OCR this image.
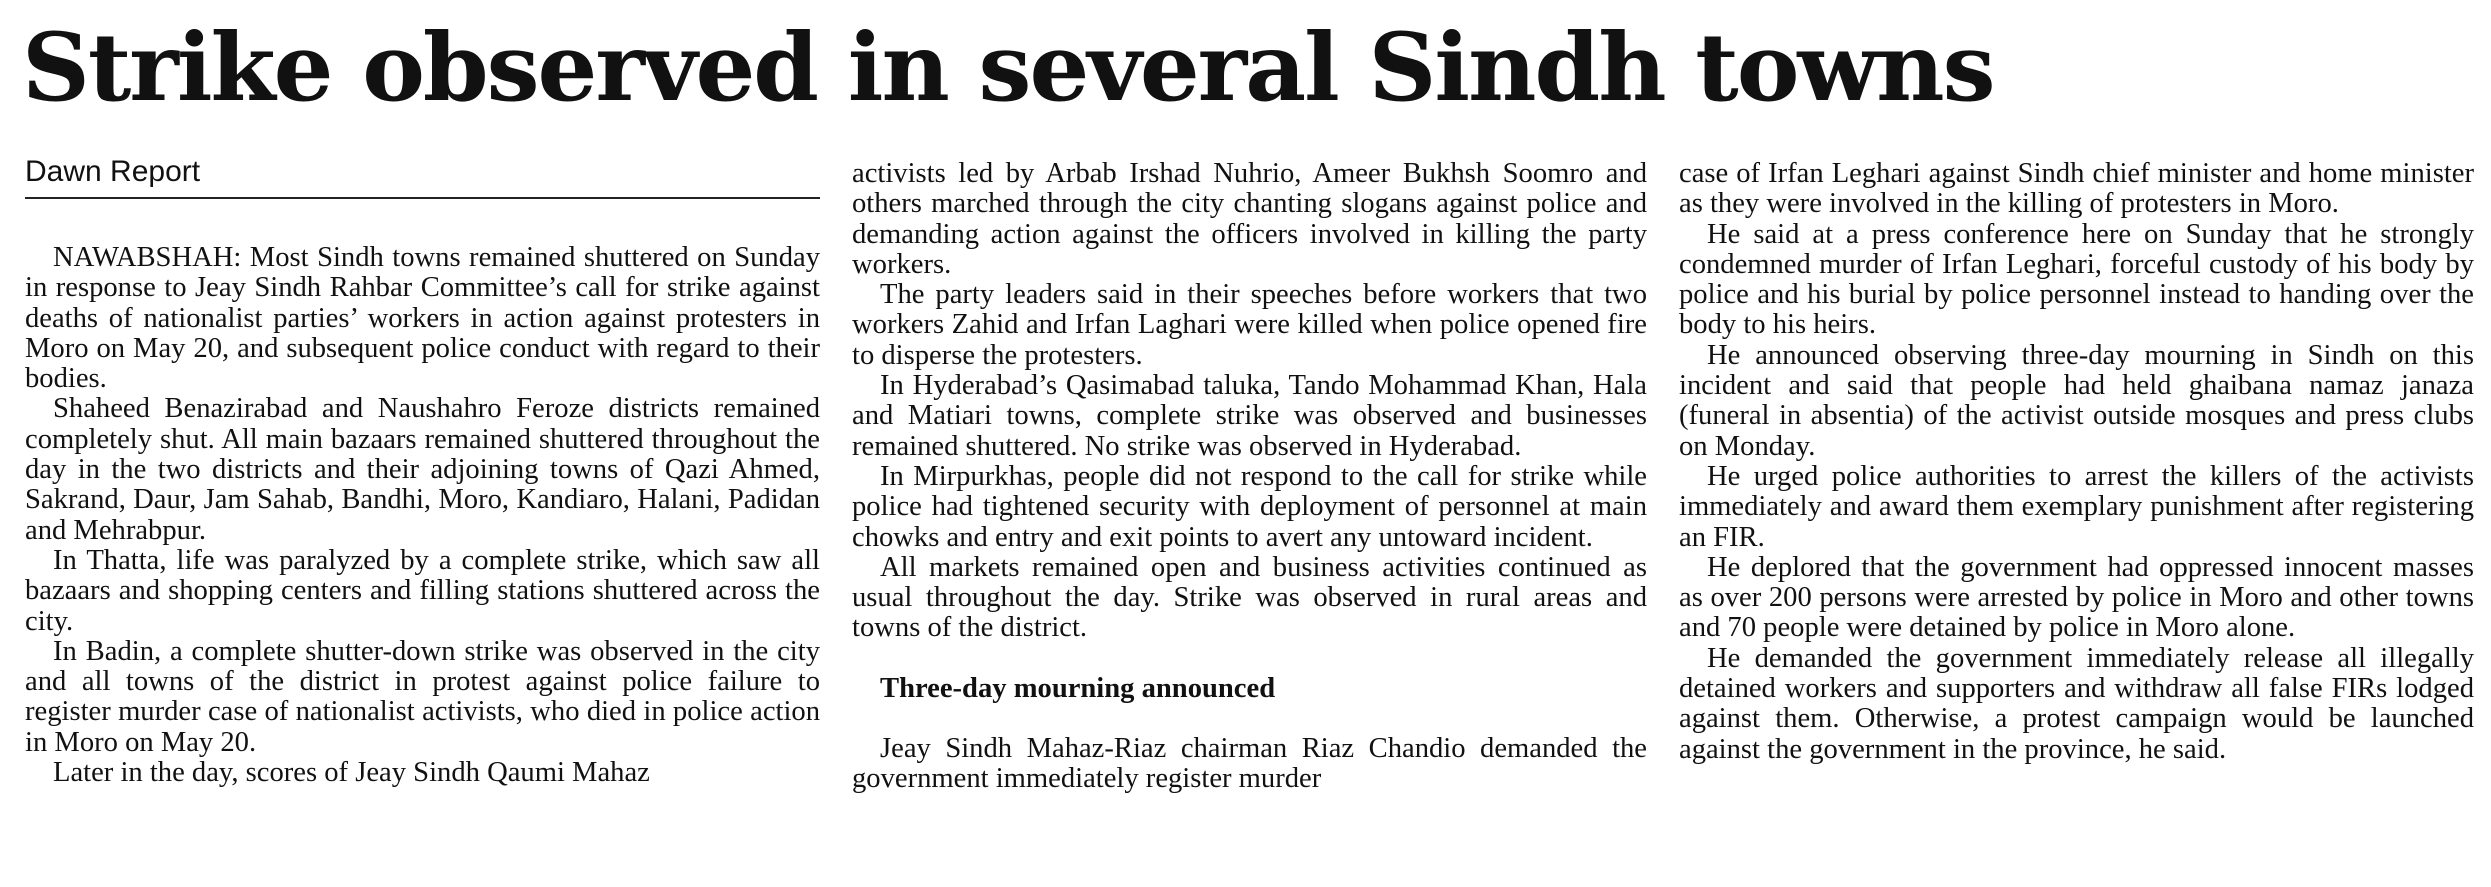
Strike observed in several Sindh towns
Dawn Report

NAWABSHAH: Most Sindh towns remained shuttered on Sunday in response to Jeay Sindh Rahbar Committee’s call for strike against deaths of nationalist parties’ workers in action against protesters in Moro on May 20, and subsequent police conduct with regard to their bodies.

Shaheed Benazirabad and Naushahro Feroze districts remained completely shut. All main bazaars remained shuttered throughout the day in the two districts and their adjoining towns of Qazi Ahmed, Sakrand, Daur, Jam Sahab, Bandhi, Moro, Kandiaro, Halani, Padidan and Mehrabpur.

In Thatta, life was paralyzed by a complete strike, which saw all bazaars and shopping centers and filling stations shuttered across the city.

In Badin, a complete shutter-down strike was observed in the city and all towns of the district in protest against police failure to register murder case of nationalist activists, who died in police action in Moro on May 20.

Later in the day, scores of Jeay Sindh Qaumi Mahaz

activists led by Arbab Irshad Nuhrio, Ameer Bukhsh Soomro and others marched through the city chanting slogans against police and demanding action against the officers involved in killing the party workers.

The party leaders said in their speeches before workers that two workers Zahid and Irfan Laghari were killed when police opened fire to disperse the protesters.

In Hyderabad’s Qasimabad taluka, Tando Mohammad Khan, Hala and Matiari towns, complete strike was observed and businesses remained shuttered. No strike was observed in Hyderabad.

In Mirpurkhas, people did not respond to the call for strike while police had tightened security with deployment of personnel at main chowks and entry and exit points to avert any untoward incident.

All markets remained open and business activities continued as usual throughout the day. Strike was observed in rural areas and towns of the district.

Three-day mourning announced

Jeay Sindh Mahaz-Riaz chairman Riaz Chandio demanded the government immediately register murder

case of Irfan Leghari against Sindh chief minister and home minister as they were involved in the killing of protesters in Moro.

He said at a press conference here on Sunday that he strongly condemned murder of Irfan Leghari, forceful custody of his body by police and his burial by police personnel instead to handing over the body to his heirs.

He announced observing three-day mourning in Sindh on this incident and said that people had held ghaibana namaz janaza (funeral in absentia) of the activist outside mosques and press clubs on Monday.

He urged police authorities to arrest the killers of the activists immediately and award them exemplary punishment after registering an FIR.

He deplored that the government had oppressed innocent masses as over 200 persons were arrested by police in Moro and other towns and 70 people were detained by police in Moro alone.

He demanded the government immediately release all illegally detained workers and supporters and withdraw all false FIRs lodged against them. Otherwise, a protest campaign would be launched against the government in the province, he said.
